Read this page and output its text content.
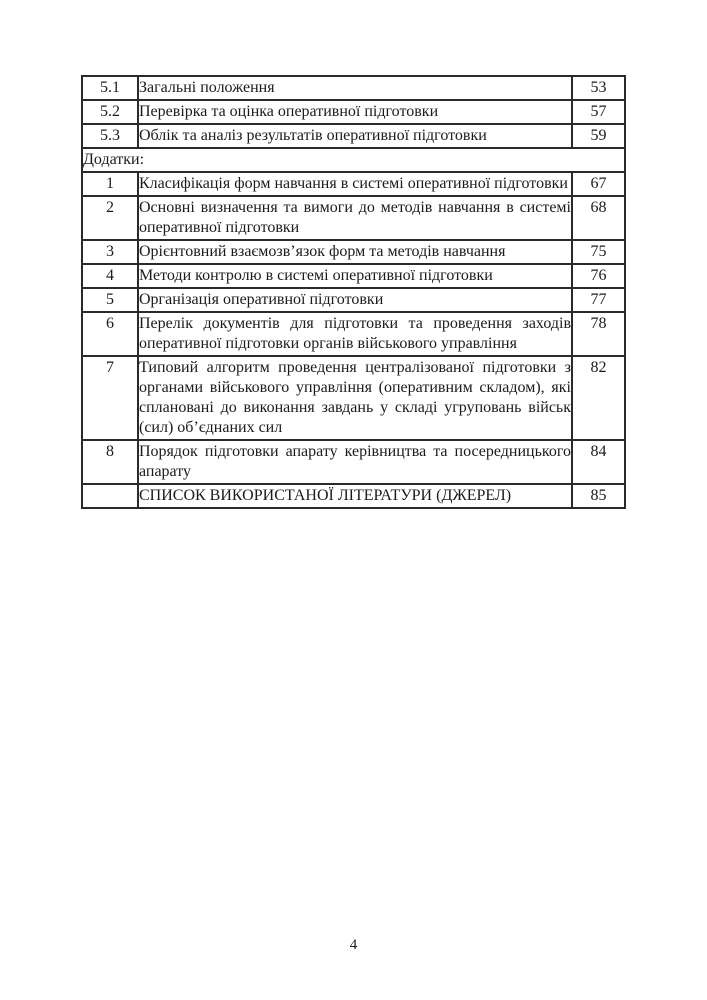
5.1	Загальні положення	53
5.2	Перевірка та оцінка оперативної підготовки	57
5.3	Облік та аналіз результатів оперативної підготовки	59
Додатки:		
1	Класифікація форм навчання в системі оперативної підготовки	67
2	Основні визначення та вимоги до методів навчання в системі оперативної підготовки	68
3	Орієнтовний взаємозв’язок форм та методів навчання	75
4	Методи контролю в системі оперативної підготовки	76
5	Організація оперативної підготовки	77
6	Перелік документів для підготовки та проведення заходів оперативної підготовки органів військового управління	78
7	Типовий алгоритм проведення централізованої підготовки з органами військового управління (оперативним складом), які сплановані до виконання завдань у складі угруповань військ (сил) об’єднаних сил	82
8	Порядок підготовки апарату керівництва та посередницького апарату	84
	СПИСОК ВИКОРИСТАНОЇ ЛІТЕРАТУРИ (ДЖЕРЕЛ)	85
4
